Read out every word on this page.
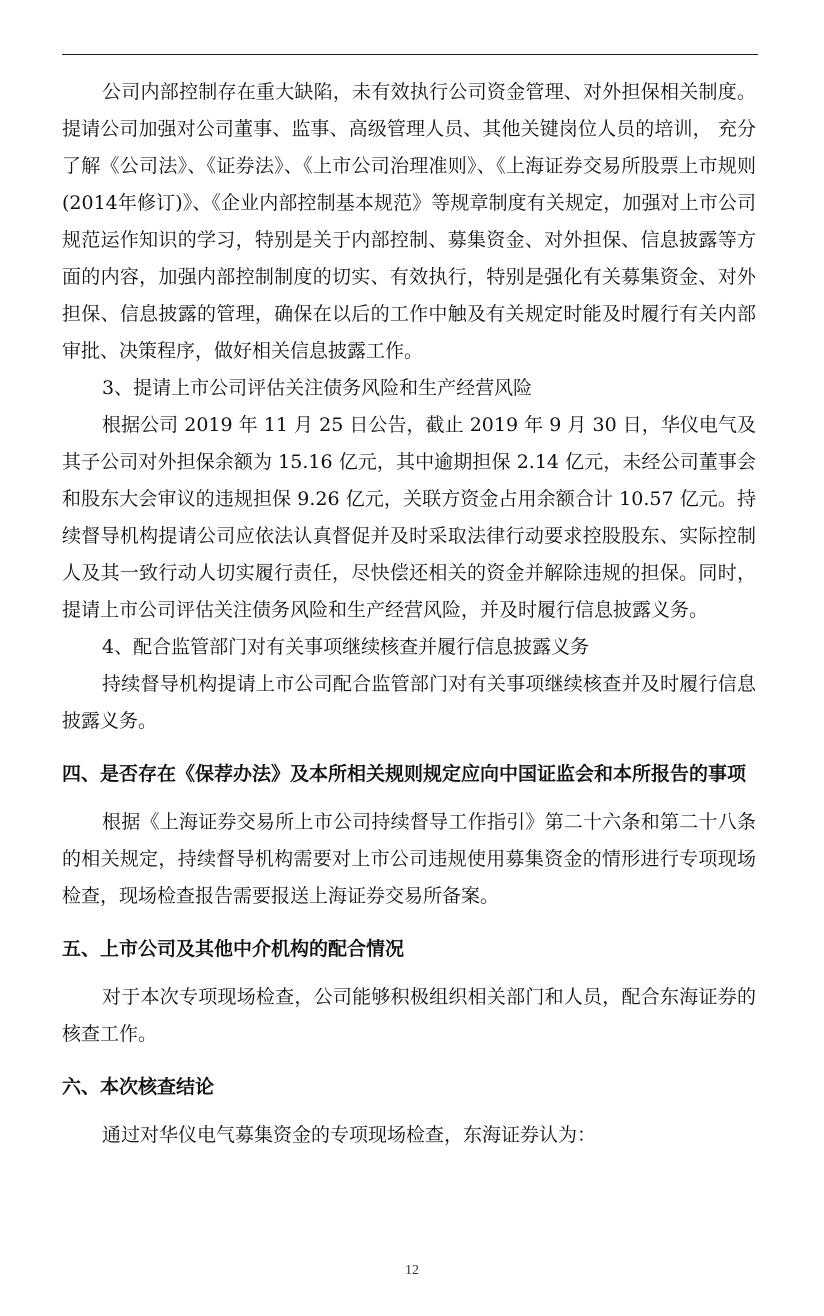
公司内部控制存在重大缺陷，未有效执行公司资金管理、对外担保相关制度。提请公司加强对公司董事、监事、高级管理人员、其他关键岗位人员的培训， 充分了解《公司法》、《证券法》、《上市公司治理准则》、《上海证券交易所股票上市规则 (2014年修订)》、《企业内部控制基本规范》等规章制度有关规定，加强对上市公司规范运作知识的学习，特别是关于内部控制、募集资金、对外担保、信息披露等方面的内容，加强内部控制制度的切实、有效执行，特别是强化有关募集资金、对外担保、信息披露的管理，确保在以后的工作中触及有关规定时能及时履行有关内部审批、决策程序，做好相关信息披露工作。

3、提请上市公司评估关注债务风险和生产经营风险

根据公司 2019 年 11 月 25 日公告，截止 2019 年 9 月 30 日，华仪电气及其子公司对外担保余额为 15.16 亿元，其中逾期担保 2.14 亿元，未经公司董事会和股东大会审议的违规担保 9.26 亿元，关联方资金占用余额合计 10.57 亿元。持续督导机构提请公司应依法认真督促并及时采取法律行动要求控股股东、实际控制人及其一致行动人切实履行责任，尽快偿还相关的资金并解除违规的担保。同时，提请上市公司评估关注债务风险和生产经营风险，并及时履行信息披露义务。

4、配合监管部门对有关事项继续核查并履行信息披露义务

持续督导机构提请上市公司配合监管部门对有关事项继续核查并及时履行信息披露义务。

四、是否存在《保荐办法》及本所相关规则规定应向中国证监会和本所报告的事项

根据《上海证券交易所上市公司持续督导工作指引》第二十六条和第二十八条的相关规定，持续督导机构需要对上市公司违规使用募集资金的情形进行专项现场检查，现场检查报告需要报送上海证券交易所备案。

五、上市公司及其他中介机构的配合情况

对于本次专项现场检查，公司能够积极组织相关部门和人员，配合东海证券的核查工作。

六、本次核查结论

通过对华仪电气募集资金的专项现场检查，东海证券认为：

12
